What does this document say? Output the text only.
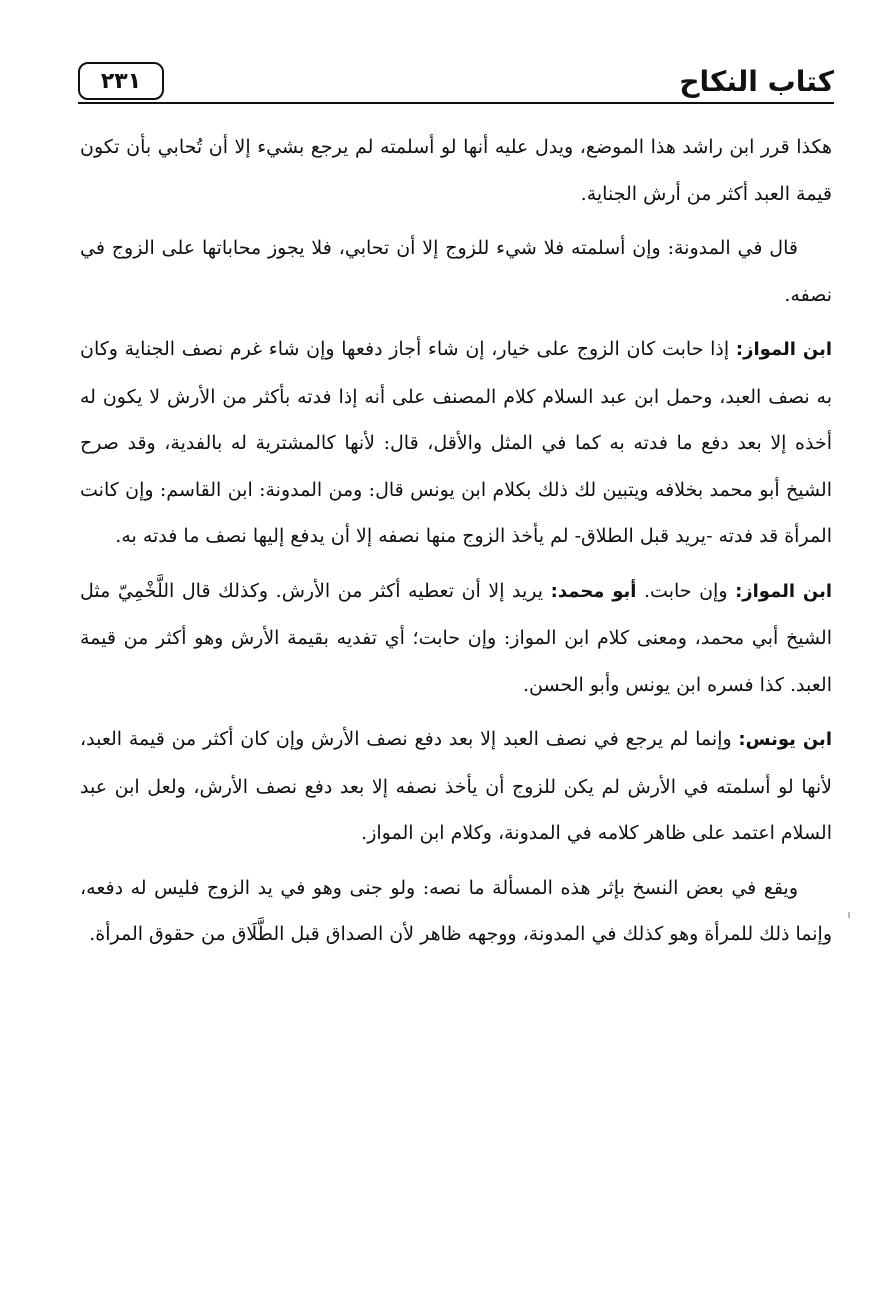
كتاب النكاح
٢٣١

هكذا قرر ابن راشد هذا الموضع، ويدل عليه أنها لو أسلمته لم يرجع بشيء إلا أن تُحابي بأن تكون قيمة العبد أكثر من أرش الجناية.

قال في المدونة: وإن أسلمته فلا شيء للزوج إلا أن تحابي، فلا يجوز محاباتها على الزوج في نصفه.

ابن المواز: إذا حابت كان الزوج على خيار، إن شاء أجاز دفعها وإن شاء غرم نصف الجناية وكان به نصف العبد، وحمل ابن عبد السلام كلام المصنف على أنه إذا فدته بأكثر من الأرش لا يكون له أخذه إلا بعد دفع ما فدته به كما في المثل والأقل، قال: لأنها كالمشترية له بالفدية، وقد صرح الشيخ أبو محمد بخلافه ويتبين لك ذلك بكلام ابن يونس قال: ومن المدونة: ابن القاسم: وإن كانت المرأة قد فدته -يريد قبل الطلاق- لم يأخذ الزوج منها نصفه إلا أن يدفع إليها نصف ما فدته به.

ابن المواز: وإن حابت. أبو محمد: يريد إلا أن تعطيه أكثر من الأرش. وكذلك قال اللَّخْمِيّ مثل الشيخ أبي محمد، ومعنى كلام ابن المواز: وإن حابت؛ أي تفديه بقيمة الأرش وهو أكثر من قيمة العبد. كذا فسره ابن يونس وأبو الحسن.

ابن يونس: وإنما لم يرجع في نصف العبد إلا بعد دفع نصف الأرش وإن كان أكثر من قيمة العبد، لأنها لو أسلمته في الأرش لم يكن للزوج أن يأخذ نصفه إلا بعد دفع نصف الأرش، ولعل ابن عبد السلام اعتمد على ظاهر كلامه في المدونة، وكلام ابن المواز.

ويقع في بعض النسخ بإثر هذه المسألة ما نصه: ولو جنى وهو في يد الزوج فليس له دفعه، وإنما ذلك للمرأة وهو كذلك في المدونة، ووجهه ظاهر لأن الصداق قبل الطَّلَاق من حقوق المرأة.
